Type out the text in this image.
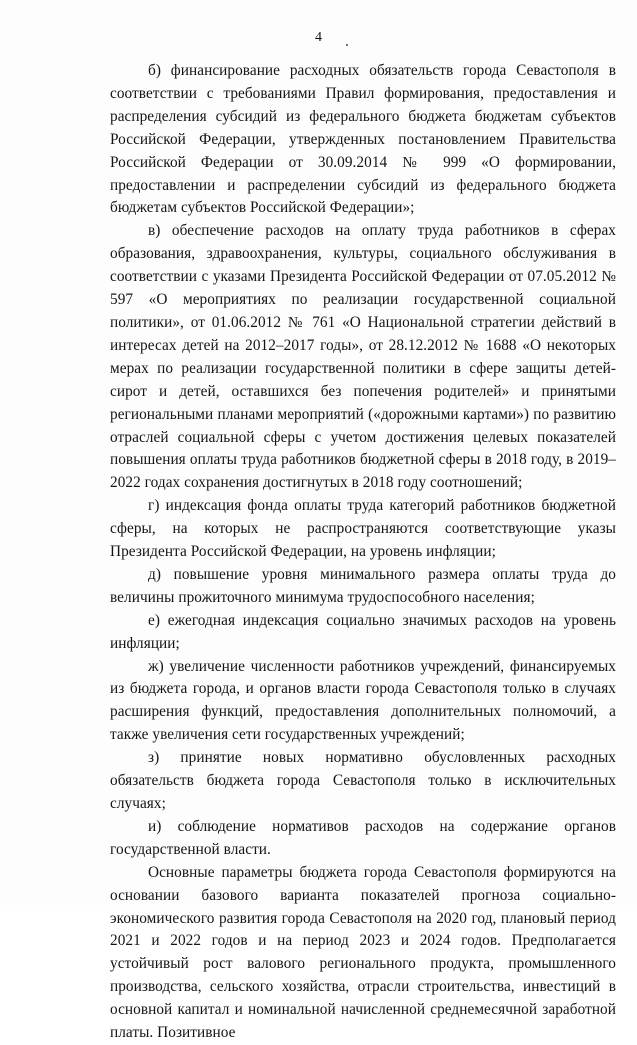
4

б) финансирование расходных обязательств города Севастополя в соответствии с требованиями Правил формирования, предоставления и распределения субсидий из федерального бюджета бюджетам субъектов Российской Федерации, утвержденных постановлением Правительства Российской Федерации от 30.09.2014 № 999 «О формировании, предоставлении и распределении субсидий из федерального бюджета бюджетам субъектов Российской Федерации»;

в) обеспечение расходов на оплату труда работников в сферах образования, здравоохранения, культуры, социального обслуживания в соответствии с указами Президента Российской Федерации от 07.05.2012 № 597 «О мероприятиях по реализации государственной социальной политики», от 01.06.2012 № 761 «О Национальной стратегии действий в интересах детей на 2012–2017 годы», от 28.12.2012 № 1688 «О некоторых мерах по реализации государственной политики в сфере защиты детей-сирот и детей, оставшихся без попечения родителей» и принятыми региональными планами мероприятий («дорожными картами») по развитию отраслей социальной сферы с учетом достижения целевых показателей повышения оплаты труда работников бюджетной сферы в 2018 году, в 2019–2022 годах сохранения достигнутых в 2018 году соотношений;

г) индексация фонда оплаты труда категорий работников бюджетной сферы, на которых не распространяются соответствующие указы Президента Российской Федерации, на уровень инфляции;

д) повышение уровня минимального размера оплаты труда до величины прожиточного минимума трудоспособного населения;

е) ежегодная индексация социально значимых расходов на уровень инфляции;

ж) увеличение численности работников учреждений, финансируемых из бюджета города, и органов власти города Севастополя только в случаях расширения функций, предоставления дополнительных полномочий, а также увеличения сети государственных учреждений;

з) принятие новых нормативно обусловленных расходных обязательств бюджета города Севастополя только в исключительных случаях;

и) соблюдение нормативов расходов на содержание органов государственной власти.

Основные параметры бюджета города Севастополя формируются на основании базового варианта показателей прогноза социально-экономического развития города Севастополя на 2020 год, плановый период 2021 и 2022 годов и на период 2023 и 2024 годов. Предполагается устойчивый рост валового регионального продукта, промышленного производства, сельского хозяйства, отрасли строительства, инвестиций в основной капитал и номинальной начисленной среднемесячной заработной платы. Позитивное
